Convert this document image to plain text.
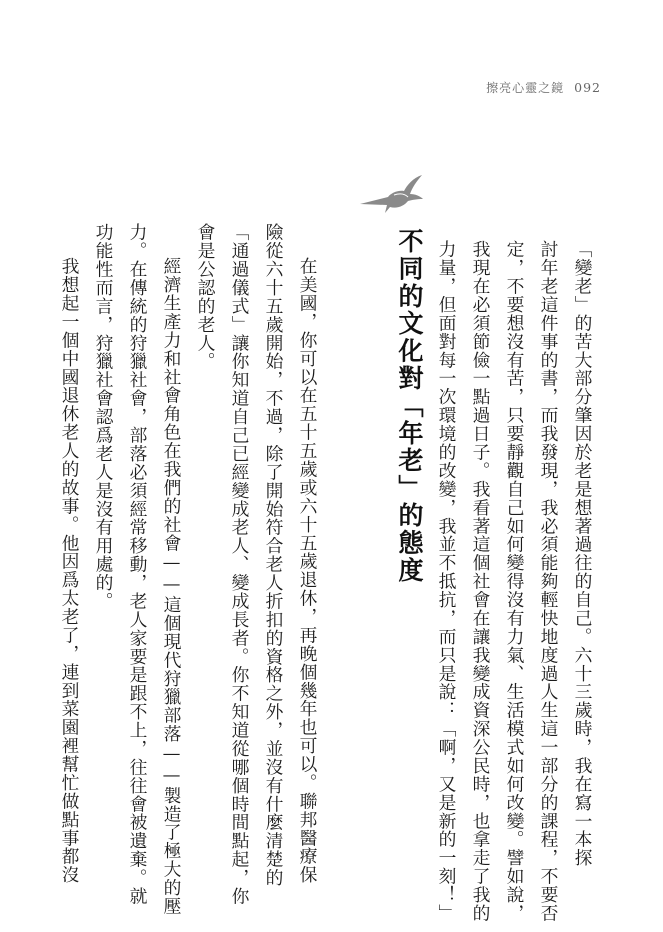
擦亮心靈之鏡 092
「變老」的苦大部分肇因於老是想著過往的自己。六十三歲時，我在寫一本探
討年老這件事的書，而我發現，我必須能夠輕快地度過人生這一部分的課程，不要否
定，不要想沒有苦，只要靜觀自己如何變得沒有力氣、生活模式如何改變。譬如說，
我現在必須節儉一點過日子。我看著這個社會在讓我變成資深公民時，也拿走了我的
力量，但面對每一次環境的改變，我並不抵抗，而只是說：「啊，又是新的一刻！」
不同的文化對「年老」的態度
在美國，你可以在五十五歲或六十五歲退休，再晚個幾年也可以。聯邦醫療保
險從六十五歲開始，不過，除了開始符合老人折扣的資格之外，並沒有什麼清楚的
「通過儀式」讓你知道自己已經變成老人、變成長者。你不知道從哪個時間點起，你
會是公認的老人。
經濟生產力和社會角色在我們的社會——這個現代狩獵部落——製造了極大的壓
力。在傳統的狩獵社會，部落必須經常移動，老人家要是跟不上，往往會被遺棄。就
功能性而言，狩獵社會認爲老人是沒有用處的。
我想起一個中國退休老人的故事。他因爲太老了，連到菜園裡幫忙做點事都沒
